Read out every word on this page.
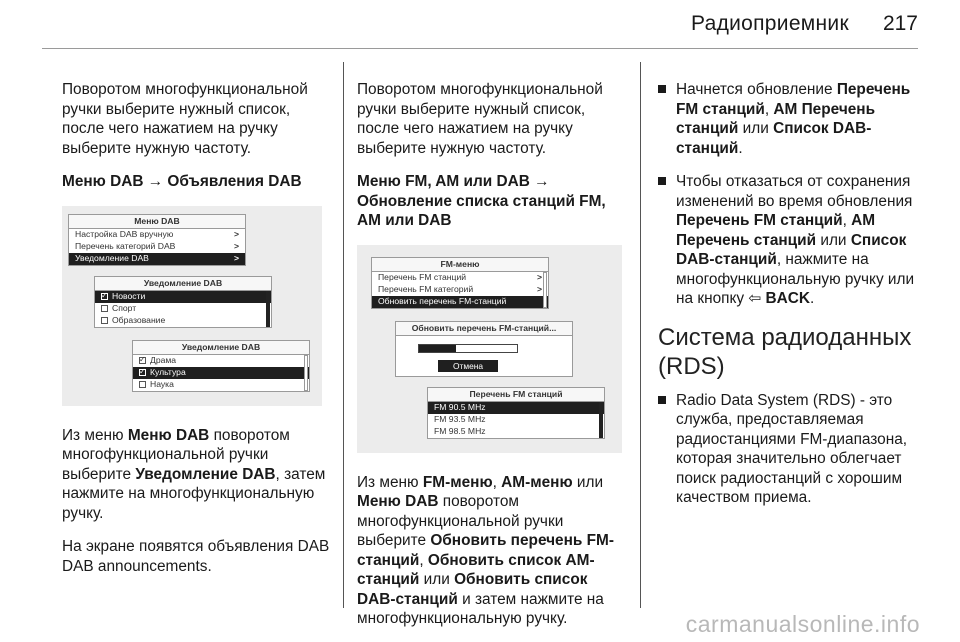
Радиоприемник 217

Поворотом многофункциональной ручки выберите нужный список, после чего нажатием на ручку выберите нужную частоту.

Меню DAB → Объявления DAB
Меню DAB
Настройка DAB вручную	>
Перечень категорий DAB	>
Уведомление DAB	>
Уведомление DAB
✓Новости
Спорт
Образование
Уведомление DAB
✓Драма
✓Культура
Наука

Из меню Меню DAB поворотом многофункциональной ручки выберите Уведомление DAB, затем нажмите на многофункциональную ручку.

На экране появятся объявления DAB DAB announcements.

Поворотом многофункциональной ручки выберите нужный список, после чего нажатием на ручку выберите нужную частоту.

Меню FM, AM или DAB → Обновление списка станций FM, AM или DAB
FM-меню
Перечень FM станций	>
Перечень FM категорий	>
Обновить перечень FM-станций
Обновить перечень FM-станций...
Отмена
Перечень FM станций
FM 90.5 MHz
FM 93.5 MHz
FM 98.5 MHz

Из меню FM-меню, АМ-меню или Меню DAB поворотом многофункциональной ручки выберите Обновить перечень FM-станций, Обновить список АМ-станций или Обновить список DAB-станций и затем нажмите на многофункциональную ручку.

Начнется обновление Перечень FM станций, AM Перечень станций или Список DAB-станций.
Чтобы отказаться от сохранения изменений во время обновления Перечень FM станций, AM Перечень станций или Список DAB-станций, нажмите на многофункциональную ручку или на кнопку ⇦ BACK.
Система радиоданных (RDS)
Radio Data System (RDS) - это служба, предоставляемая радиостанциями FM-диапазона, которая значительно облегчает поиск радиостанций с хорошим качеством приема.
carmanualsonline.info
